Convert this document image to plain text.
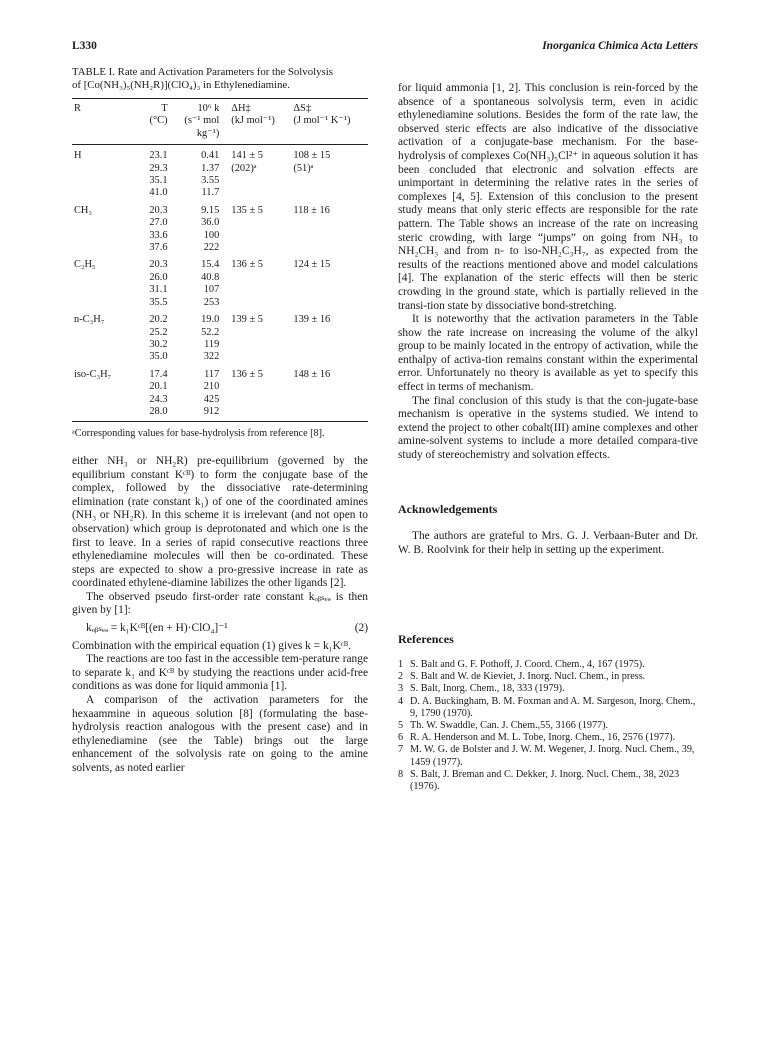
L330	Inorganica Chimica Acta Letters
TABLE I. Rate and Activation Parameters for the Solvolysis
of [Co(NH₃)₅(NH₂R)](ClO₄)₃ in Ethylenediamine.
R	T	10⁶ k	ΔH‡	ΔS‡
	(°C)	(s⁻¹ mol	(kJ mol⁻¹)	(J mol⁻¹ K⁻¹)
		kg⁻¹)		
H	23.1	0.41	141 ± 5	108 ± 15
	29.3	1.37	(202)ᵃ	(51)ᵃ
	35.1	3.55		
	41.0	11.7		
CH₃	20.3	9.15	135 ± 5	118 ± 16
	27.0	36.0		
	33.6	100		
	37.6	222		
C₂H₅	20.3	15.4	136 ± 5	124 ± 15
	26.0	40.8		
	31.1	107		
	35.5	253		
n-C₃H₇	20.2	19.0	139 ± 5	139 ± 16
	25.2	52.2		
	30.2	119		
	35.0	322		
iso-C₃H₇	17.4	117	136 ± 5	148 ± 16
	20.1	210		
	24.3	425		
	28.0	912		
ᵃCorresponding values for base-hydrolysis from reference [8].

either NH₃ or NH₂R) pre-equilibrium (governed by the equilibrium constant Kᶜᴮ) to form the conjugate base of the complex, followed by the dissociative rate-determining elimination (rate constant k₁) of one of the coordinated amines (NH₃ or NH₂R). In this scheme it is irrelevant (and not open to observation) which group is deprotonated and which one is the first to leave. In a series of rapid consecutive reactions three ethylenediamine molecules will then be co-ordinated. These steps are expected to show a pro-gressive increase in rate as coordinated ethylene-diamine labilizes the other ligands [2].

The observed pseudo first-order rate constant kₒᵦₛₑₔ is then given by [1]:

kₒᵦₛₑₔ = k₁Kᶜᴮ[(en + H)·ClO₄]⁻¹	(2)

Combination with the empirical equation (1) gives k = k₁Kᶜᴮ.

The reactions are too fast in the accessible tem-perature range to separate k₁ and Kᶜᴮ by studying the reactions under acid-free conditions as was done for liquid ammonia [1].

A comparison of the activation parameters for the hexaammine in aqueous solution [8] (formulating the base-hydrolysis reaction analogous with the present case) and in ethylenediamine (see the Table) brings out the large enhancement of the solvolysis rate on going to the amine solvents, as noted earlier

for liquid ammonia [1, 2]. This conclusion is rein-forced by the absence of a spontaneous solvolysis term, even in acidic ethylenediamine solutions. Besides the form of the rate law, the observed steric effects are also indicative of the dissociative activation of a conjugate-base mechanism. For the base-hydrolysis of complexes Co(NH₃)₅Cl²⁺ in aqueous solution it has been concluded that electronic and solvation effects are unimportant in determining the relative rates in the series of complexes [4, 5]. Extension of this conclusion to the present study means that only steric effects are responsible for the rate pattern. The Table shows an increase of the rate on increasing steric crowding, with large “jumps” on going from NH₃ to NH₂CH₃ and from n- to iso-NH₂C₃H₇, as expected from the results of the reactions mentioned above and model calculations [4]. The explanation of the steric effects will then be steric crowding in the ground state, which is partially relieved in the transi-tion state by dissociative bond-stretching.

It is noteworthy that the activation parameters in the Table show the rate increase on increasing the volume of the alkyl group to be mainly located in the entropy of activation, while the enthalpy of activa-tion remains constant within the experimental error. Unfortunately no theory is available as yet to specify this effect in terms of mechanism.

The final conclusion of this study is that the con-jugate-base mechanism is operative in the systems studied. We intend to extend the project to other cobalt(III) amine complexes and other amine-solvent systems to include a more detailed compara-tive study of stereochemistry and solvation effects.

Acknowledgements

The authors are grateful to Mrs. G. J. Verbaan-Buter and Dr. W. B. Roolvink for their help in setting up the experiment.

References
1 S. Balt and G. F. Pothoff, J. Coord. Chem., 4, 167 (1975).
2 S. Balt and W. de Kieviet, J. Inorg. Nucl. Chem., in press.
3 S. Balt, Inorg. Chem., 18, 333 (1979).
4 D. A. Buckingham, B. M. Foxman and A. M. Sargeson, Inorg. Chem., 9, 1790 (1970).
5 Th. W. Swaddle, Can. J. Chem.,55, 3166 (1977).
6 R. A. Henderson and M. L. Tobe, Inorg. Chem., 16, 2576 (1977).
7 M. W. G. de Bolster and J. W. M. Wegener, J. Inorg. Nucl. Chem., 39, 1459 (1977).
8 S. Balt, J. Breman and C. Dekker, J. Inorg. Nucl. Chem., 38, 2023 (1976).
